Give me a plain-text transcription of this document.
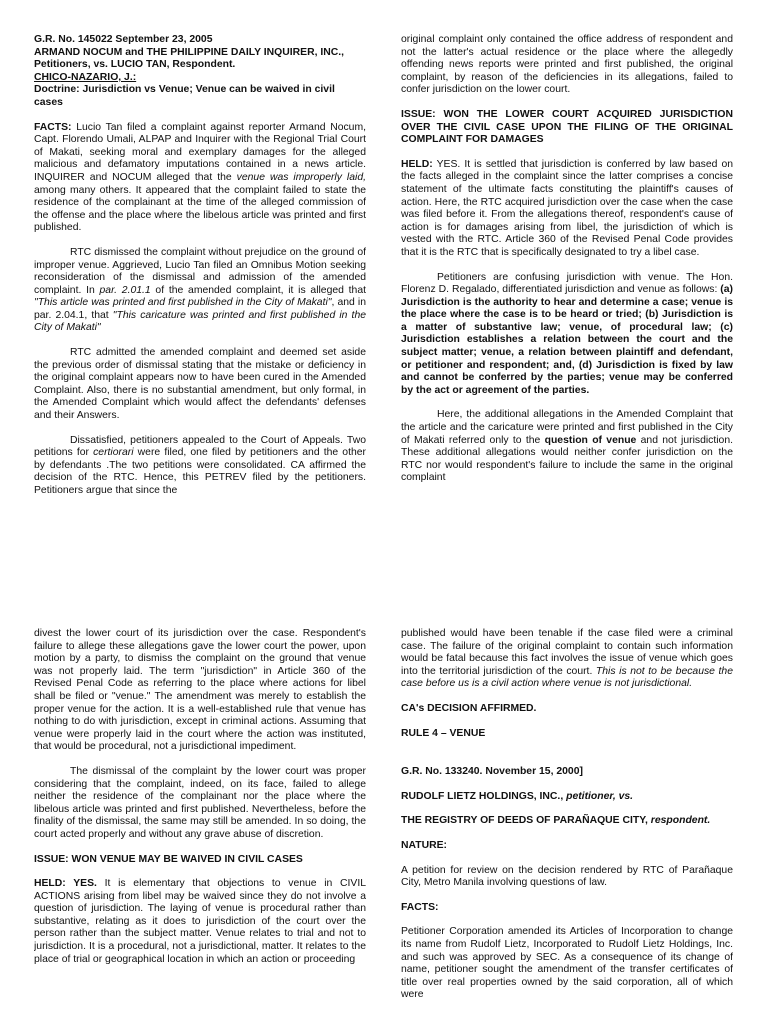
G.R. No. 145022 September 23, 2005

ARMAND NOCUM and THE PHILIPPINE DAILY INQUIRER, INC., Petitioners, vs. LUCIO TAN, Respondent.

CHICO-NAZARIO, J.:

Doctrine: Jurisdiction vs Venue; Venue can be waived in civil cases

FACTS: Lucio Tan filed a complaint against reporter Armand Nocum, Capt. Florendo Umali, ALPAP and Inquirer with the Regional Trial Court of Makati, seeking moral and exemplary damages for the alleged malicious and defamatory imputations contained in a news article. INQUIRER and NOCUM alleged that the venue was improperly laid, among many others. It appeared that the complaint failed to state the residence of the complainant at the time of the alleged commission of the offense and the place where the libelous article was printed and first published.

RTC dismissed the complaint without prejudice on the ground of improper venue. Aggrieved, Lucio Tan filed an Omnibus Motion seeking reconsideration of the dismissal and admission of the amended complaint. In par. 2.01.1 of the amended complaint, it is alleged that "This article was printed and first published in the City of Makati", and in par. 2.04.1, that "This caricature was printed and first published in the City of Makati"

RTC admitted the amended complaint and deemed set aside the previous order of dismissal stating that the mistake or deficiency in the original complaint appears now to have been cured in the Amended Complaint. Also, there is no substantial amendment, but only formal, in the Amended Complaint which would affect the defendants' defenses and their Answers.

Dissatisfied, petitioners appealed to the Court of Appeals. Two petitions for certiorari were filed, one filed by petitioners and the other by defendants .The two petitions were consolidated. CA affirmed the decision of the RTC. Hence, this PETREV filed by the petitioners. Petitioners argue that since the

original complaint only contained the office address of respondent and not the latter's actual residence or the place where the allegedly offending news reports were printed and first published, the original complaint, by reason of the deficiencies in its allegations, failed to confer jurisdiction on the lower court.

ISSUE: WON THE LOWER COURT ACQUIRED JURISDICTION OVER THE CIVIL CASE UPON THE FILING OF THE ORIGINAL COMPLAINT FOR DAMAGES

HELD: YES. It is settled that jurisdiction is conferred by law based on the facts alleged in the complaint since the latter comprises a concise statement of the ultimate facts constituting the plaintiff's causes of action. Here, the RTC acquired jurisdiction over the case when the case was filed before it. From the allegations thereof, respondent's cause of action is for damages arising from libel, the jurisdiction of which is vested with the RTC. Article 360 of the Revised Penal Code provides that it is the RTC that is specifically designated to try a libel case.

Petitioners are confusing jurisdiction with venue. The Hon. Florenz D. Regalado, differentiated jurisdiction and venue as follows: (a) Jurisdiction is the authority to hear and determine a case; venue is the place where the case is to be heard or tried; (b) Jurisdiction is a matter of substantive law; venue, of procedural law; (c) Jurisdiction establishes a relation between the court and the subject matter; venue, a relation between plaintiff and defendant, or petitioner and respondent; and, (d) Jurisdiction is fixed by law and cannot be conferred by the parties; venue may be conferred by the act or agreement of the parties.

Here, the additional allegations in the Amended Complaint that the article and the caricature were printed and first published in the City of Makati referred only to the question of venue and not jurisdiction. These additional allegations would neither confer jurisdiction on the RTC nor would respondent's failure to include the same in the original complaint

divest the lower court of its jurisdiction over the case. Respondent's failure to allege these allegations gave the lower court the power, upon motion by a party, to dismiss the complaint on the ground that venue was not properly laid. The term "jurisdiction" in Article 360 of the Revised Penal Code as referring to the place where actions for libel shall be filed or "venue." The amendment was merely to establish the proper venue for the action. It is a well-established rule that venue has nothing to do with jurisdiction, except in criminal actions. Assuming that venue were properly laid in the court where the action was instituted, that would be procedural, not a jurisdictional impediment.

The dismissal of the complaint by the lower court was proper considering that the complaint, indeed, on its face, failed to allege neither the residence of the complainant nor the place where the libelous article was printed and first published. Nevertheless, before the finality of the dismissal, the same may still be amended. In so doing, the court acted properly and without any grave abuse of discretion.

ISSUE: WON VENUE MAY BE WAIVED IN CIVIL CASES

HELD: YES. It is elementary that objections to venue in CIVIL ACTIONS arising from libel may be waived since they do not involve a question of jurisdiction. The laying of venue is procedural rather than substantive, relating as it does to jurisdiction of the court over the person rather than the subject matter. Venue relates to trial and not to jurisdiction. It is a procedural, not a jurisdictional, matter. It relates to the place of trial or geographical location in which an action or proceeding

published would have been tenable if the case filed were a criminal case. The failure of the original complaint to contain such information would be fatal because this fact involves the issue of venue which goes into the territorial jurisdiction of the court. This is not to be because the case before us is a civil action where venue is not jurisdictional.

CA's DECISION AFFIRMED.

RULE 4 – VENUE

G.R. No. 133240. November 15, 2000]

RUDOLF LIETZ HOLDINGS, INC., petitioner, vs.

THE REGISTRY OF DEEDS OF PARAÑAQUE CITY, respondent.

NATURE:

A petition for review on the decision rendered by RTC of Parañaque City, Metro Manila involving questions of law.

FACTS:

Petitioner Corporation amended its Articles of Incorporation to change its name from Rudolf Lietz, Incorporated to Rudolf Lietz Holdings, Inc. and such was approved by SEC. As a consequence of its change of name, petitioner sought the amendment of the transfer certificates of title over real properties owned by the said corporation, all of which were
